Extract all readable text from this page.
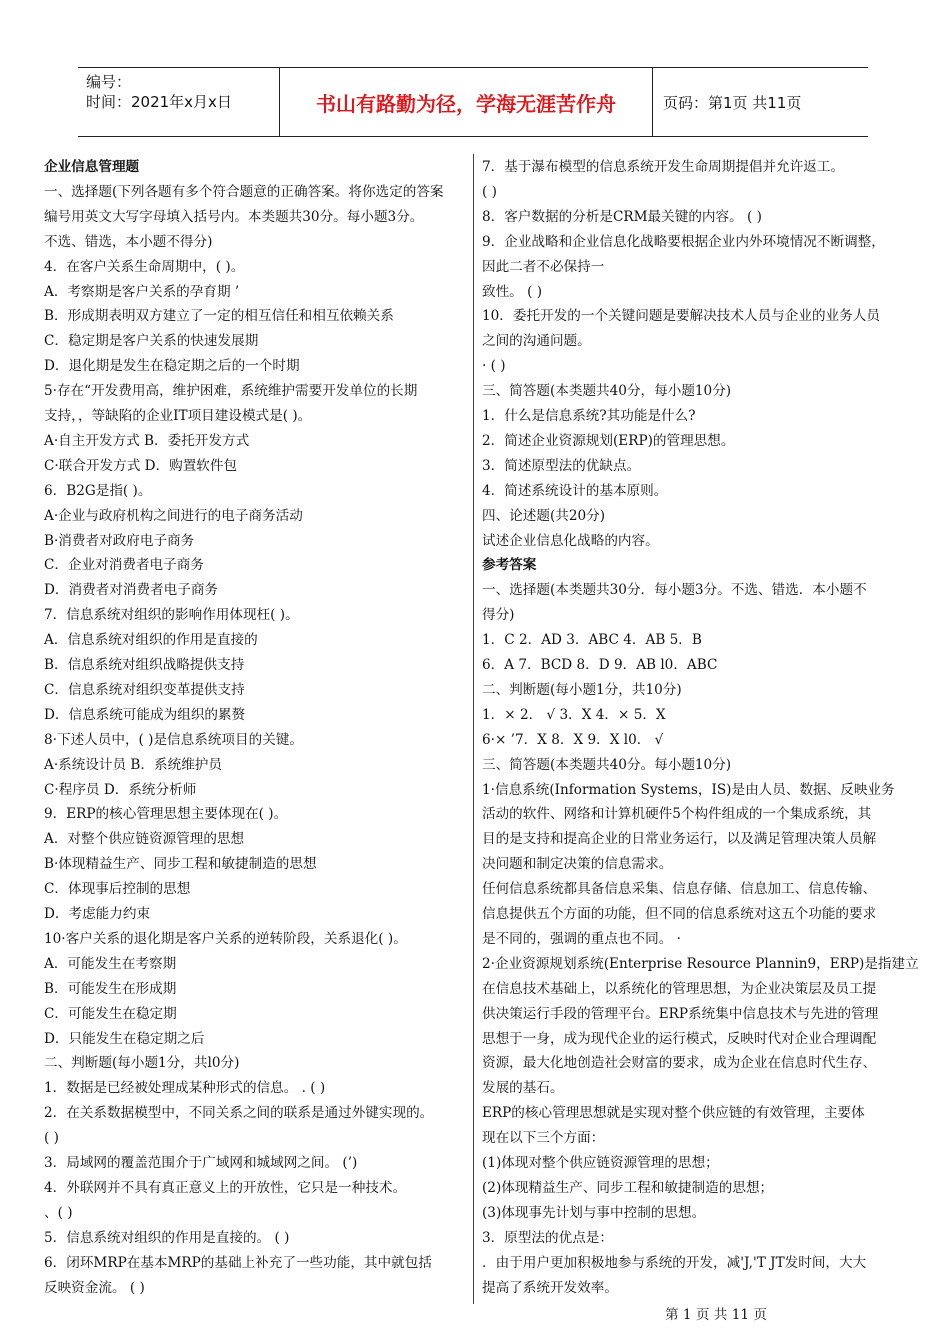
编号：
时间：2021年x月x日	书山有路勤为径，学海无涯苦作舟	页码：第1页 共11页
企业信息管理题
一、选择题(下列各题有多个符合题意的正确答案。将你选定的答案
编号用英文大写字母填入括号内。本类题共30分。每小题3分。
不选、错选，本小题不得分)
4．在客户关系生命周期中，( )。
A．考察期是客户关系的孕育期 ’
B．形成期表明双方建立了一定的相互信任和相互依赖关系
C．稳定期是客户关系的快速发展期
D．退化期是发生在稳定期之后的一个时期
5·存在“开发费用高，维护困难，系统维护需要开发单位的长期
支持，，等缺陷的企业IT项目建设模式是( )。
A·自主开发方式 B．委托开发方式
C·联合开发方式 D．购置软件包
6．B2G是指( )。
A·企业与政府机构之间进行的电子商务活动
B·消费者对政府电子商务
C．企业对消费者电子商务
D．消费者对消费者电子商务
7．信息系统对组织的影响作用体现枉( )。
A．信息系统对组织的作用是直接的
B．信息系统对组织战略提供支持
C．信息系统对组织变革提供支持
D．信息系统可能成为组织的累赘
8·下述人员中，( )是信息系统项目的关键。
A·系统设计员 B．系统维护员
C·程序员 D．系统分析师
9．ERP的核心管理思想主要体现在( )。
A．对整个供应链资源管理的思想
B·体现精益生产、同步工程和敏捷制造的思想
C．体现事后控制的思想
D．考虑能力约束
10·客户关系的退化期是客户关系的逆转阶段，关系退化( )。
A．可能发生在考察期
B．可能发生在形成期
C．可能发生在稳定期
D．只能发生在稳定期之后
二、判断题(每小题1分，共l0分)
1．数据是已经被处理成某种形式的信息。 . ( )
2．在关系数据模型中，不同关系之间的联系是通过外键实现的。
( )
3．局域网的覆盖范围介于广域网和城域网之间。 (’)
4．外联网并不具有真正意义上的开放性，它只是一种技术。
、( )
5．信息系统对组织的作用是直接的。 ( )
6．闭环MRP在基本MRP的基础上补充了一些功能，其中就包括
反映资金流。 ( )
7．基于瀑布模型的信息系统开发生命周期提倡并允许返工。
( )
8．客户数据的分析是CRM最关键的内容。 ( )
9．企业战略和企业信息化战略要根据企业内外环境情况不断调整，
因此二者不必保持一
致性。 ( )
10．委托开发的一个关键问题是要解决技术人员与企业的业务人员
之间的沟通问题。
· ( )
三、简答题(本类题共40分，每小题10分)
1．什么是信息系统?其功能是什么?
2．简述企业资源规划(ERP)的管理思想。
3．简述原型法的优缺点。
4．简述系统设计的基本原则。
四、论述题(共20分)
试述企业信息化战略的内容。
参考答案
一、选择题(本类题共30分．每小题3分。不选、错选．本小题不
得分)
1．C 2．AD 3．ABC 4．AB 5．B
6．A 7．BCD 8．D 9．AB l0．ABC
二、判断题(每小题1分，共10分)
1．× 2． √ 3．X 4．× 5．X
6·× ’7．X 8．X 9．X l0． √
三、简答题(本类题共40分。每小题10分)
1·信息系统(Information Systems，IS)是由人员、数据、反映业务
活动的软件、网络和计算机硬件5个构件组成的一个集成系统，其
目的是支持和提高企业的日常业务运行，以及满足管理决策人员解
决问题和制定决策的信息需求。
任何信息系统都具备信息采集、信息存储、信息加工、信息传输、
信息提供五个方面的功能，但不同的信息系统对这五个功能的要求
是不同的，强调的重点也不同。 ·
2·企业资源规划系统(Enterprise Resource Plannin9，ERP)是指建立
在信息技术基础上，以系统化的管理思想，为企业决策层及员工提
供决策运行手段的管理平台。ERP系统集中信息技术与先进的管理
思想于一身，成为现代企业的运行模式，反映时代对企业合理调配
资源，最大化地创造社会财富的要求，成为企业在信息时代生存、
发展的基石。
ERP的核心管理思想就是实现对整个供应链的有效管理，主要体
现在以下三个方面：
(1)体现对整个供应链资源管理的思想；
(2)体现精益生产、同步工程和敏捷制造的思想；
(3)体现事先计划与事中控制的思想。
3．原型法的优点是：
．由于用户更加积极地参与系统的开发，减'J,'T JT发时间，大大
提高了系统开发效率。
第 1 页 共 11 页
